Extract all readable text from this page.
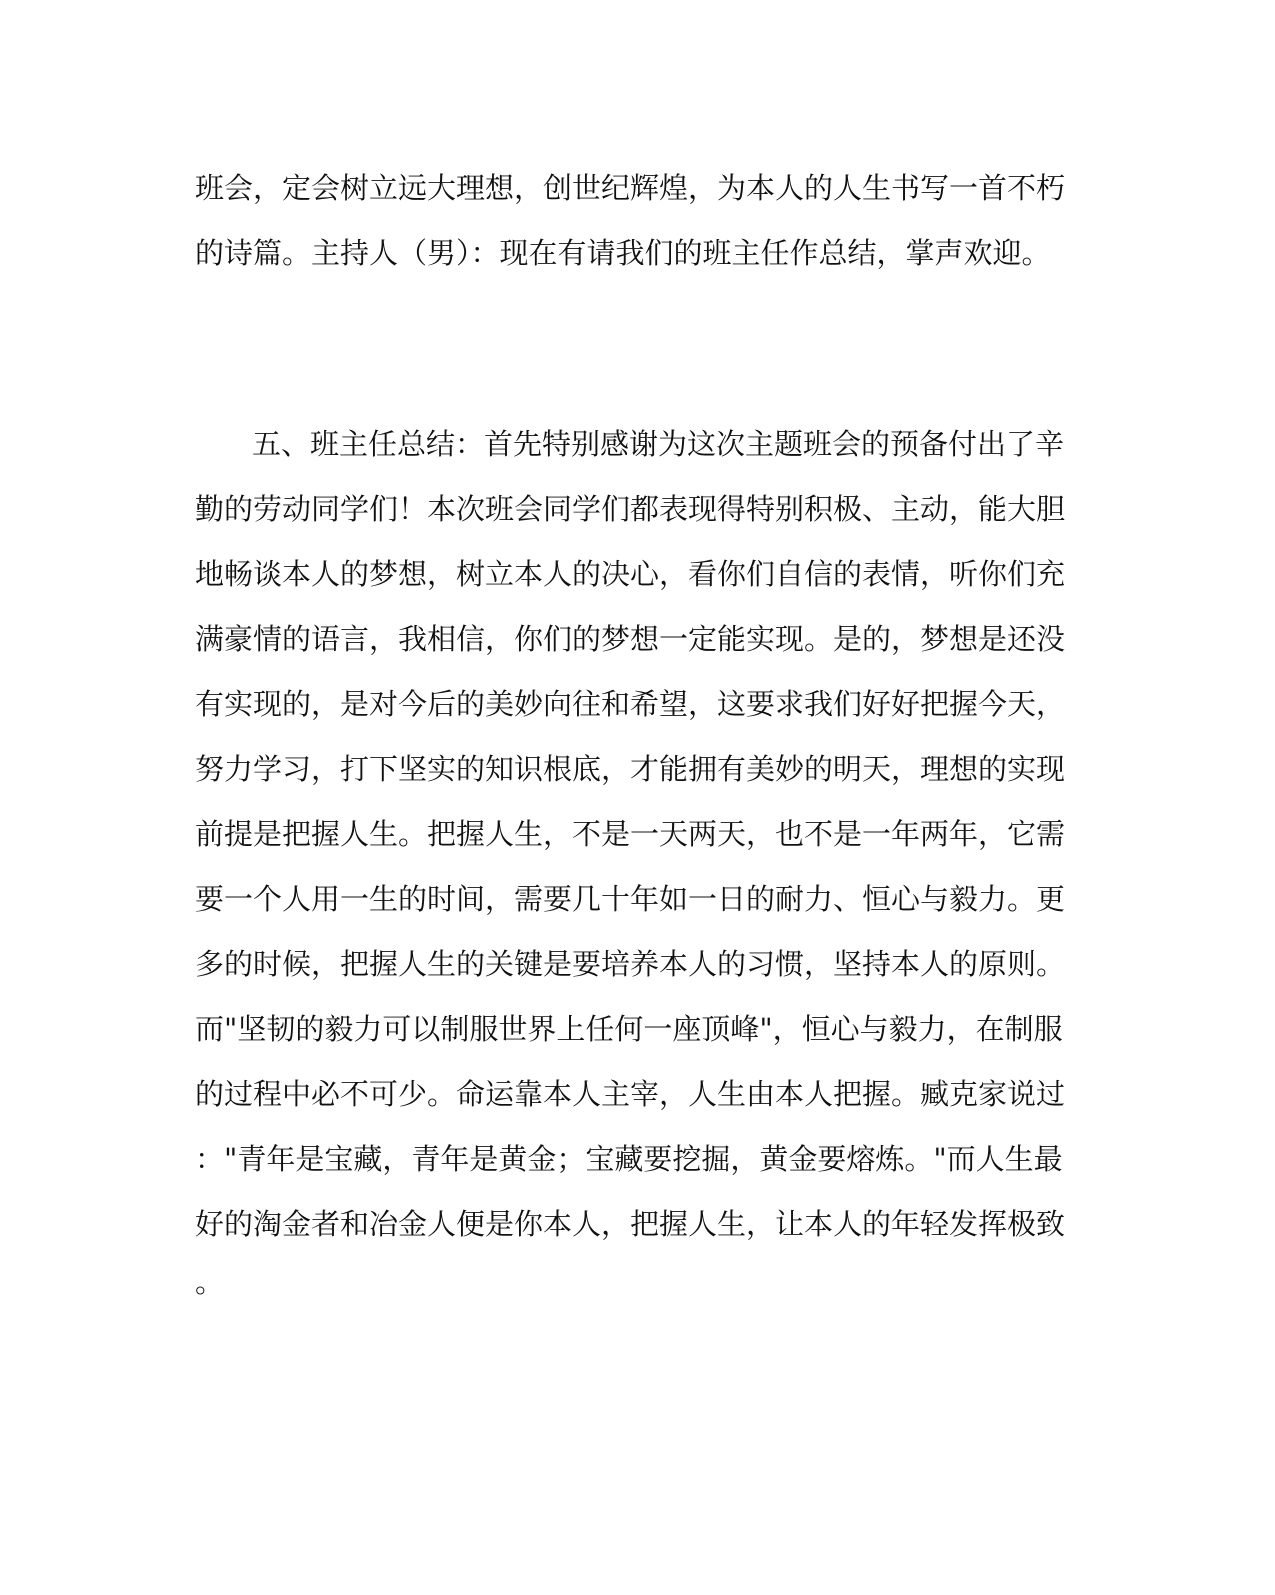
班会，定会树立远大理想，创世纪辉煌，为本人的人生书写一首不朽
的诗篇。主持人（男）：现在有请我们的班主任作总结，掌声欢迎。
五、班主任总结：首先特别感谢为这次主题班会的预备付出了辛
勤的劳动同学们！本次班会同学们都表现得特别积极、主动，能大胆
地畅谈本人的梦想，树立本人的决心，看你们自信的表情，听你们充
满豪情的语言，我相信，你们的梦想一定能实现。是的，梦想是还没
有实现的，是对今后的美妙向往和希望，这要求我们好好把握今天，
努力学习，打下坚实的知识根底，才能拥有美妙的明天，理想的实现
前提是把握人生。把握人生，不是一天两天，也不是一年两年，它需
要一个人用一生的时间，需要几十年如一日的耐力、恒心与毅力。更
多的时候，把握人生的关键是要培养本人的习惯，坚持本人的原则。
而"坚韧的毅力可以制服世界上任何一座顶峰"，恒心与毅力，在制服
的过程中必不可少。命运靠本人主宰，人生由本人把握。臧克家说过
："青年是宝藏，青年是黄金；宝藏要挖掘，黄金要熔炼。"而人生最
好的淘金者和冶金人便是你本人，把握人生，让本人的年轻发挥极致
。
